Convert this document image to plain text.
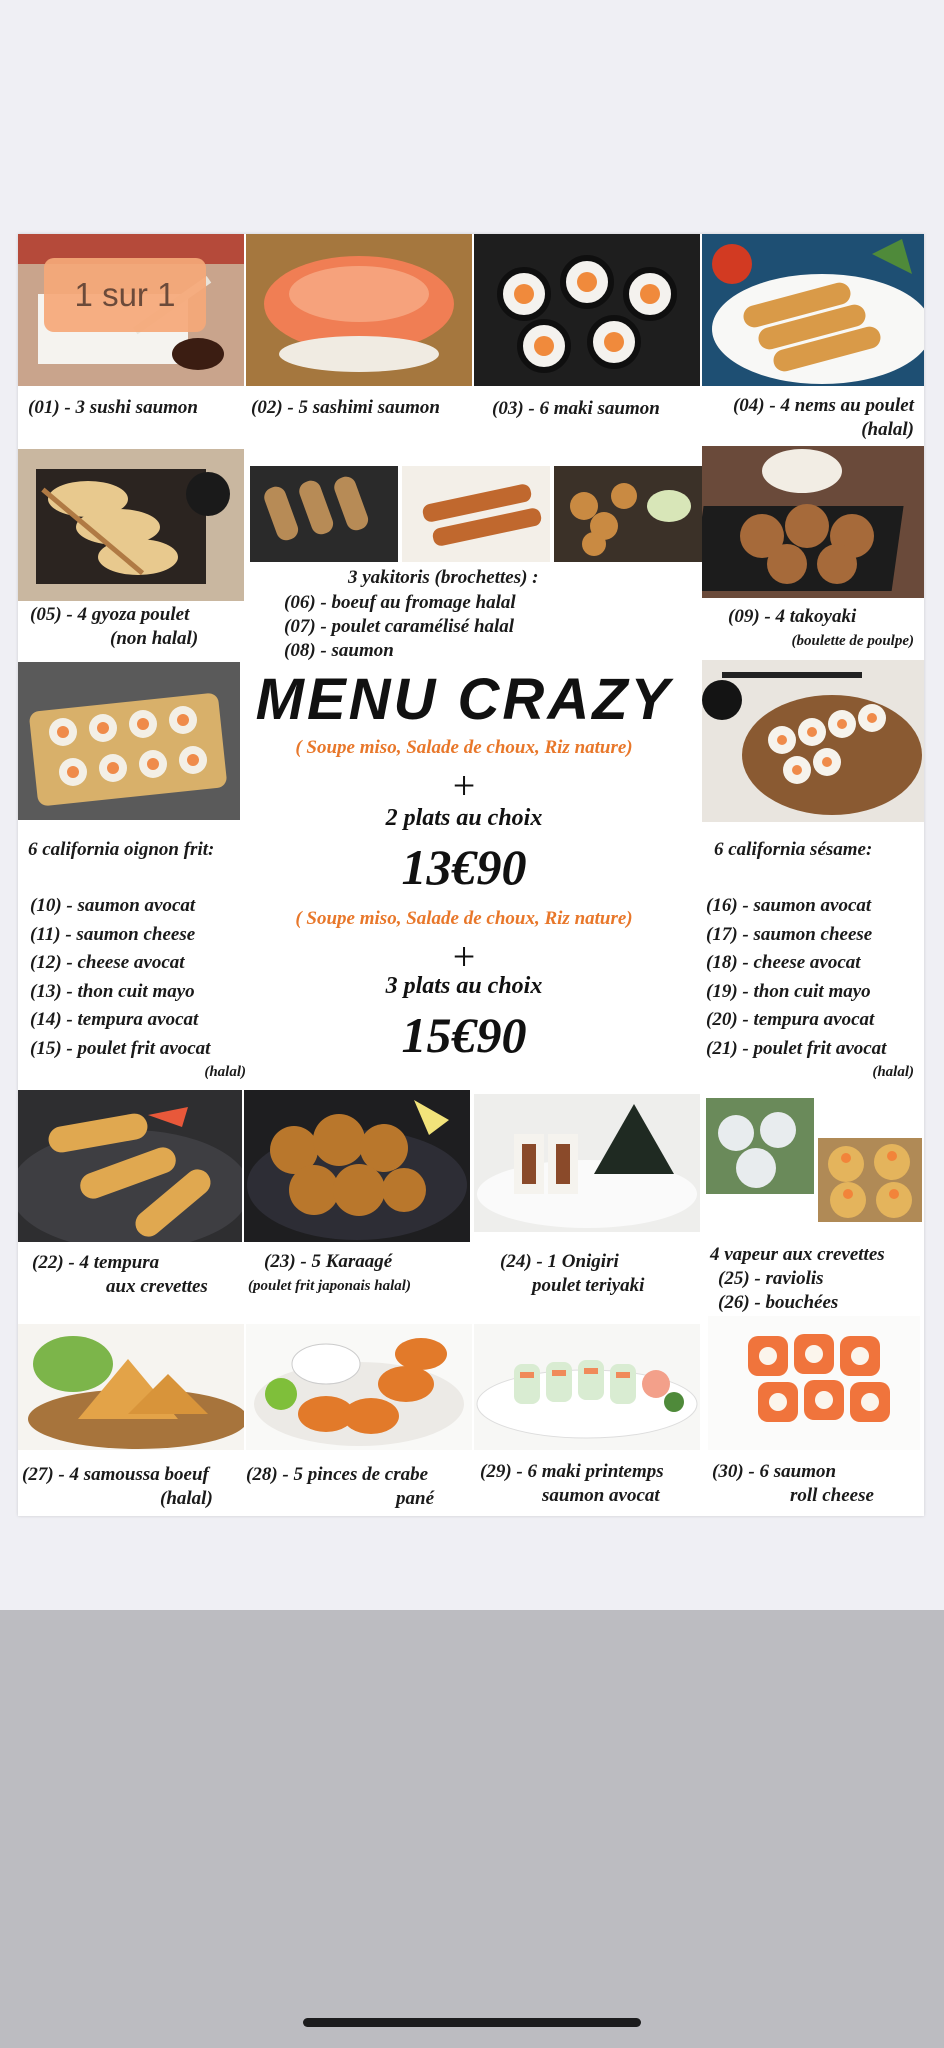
1 sur 1
(01) - 3 sushi saumon	(02) - 5 sashimi saumon	(03) - 6 maki saumon	(04) - 4 nems au poulet
(halal)
(05) - 4 gyoza poulet
(non halal)
3 yakitoris (brochettes) :
(06) - boeuf au fromage halal
(07) - poulet caramélisé halal
(08) - saumon
(09) - 4 takoyaki
(boulette de poulpe)
MENU CRAZY
( Soupe miso, Salade de choux, Riz nature)
+
2 plats au choix
13€90
( Soupe miso, Salade de choux, Riz nature)
+
3 plats au choix
15€90
6 california oignon frit:
(10) - saumon avocat
(11) - saumon cheese
(12) - cheese avocat
(13) - thon cuit mayo
(14) - tempura avocat
(15) - poulet frit avocat
(halal)
6 california sésame:
(16) - saumon avocat
(17) - saumon cheese
(18) - cheese avocat
(19) - thon cuit mayo
(20) - tempura avocat
(21) - poulet frit avocat
(halal)
(22) - 4 tempura
aux crevettes
(23) - 5 Karaagé
(poulet frit japonais halal)
(24) - 1 Onigiri
poulet teriyaki
4 vapeur aux crevettes
(25) - raviolis
(26) - bouchées
(27) - 4 samoussa boeuf
(halal)
(28) - 5 pinces de crabe
pané
(29) - 6 maki printemps
saumon avocat
(30) - 6 saumon
roll cheese
